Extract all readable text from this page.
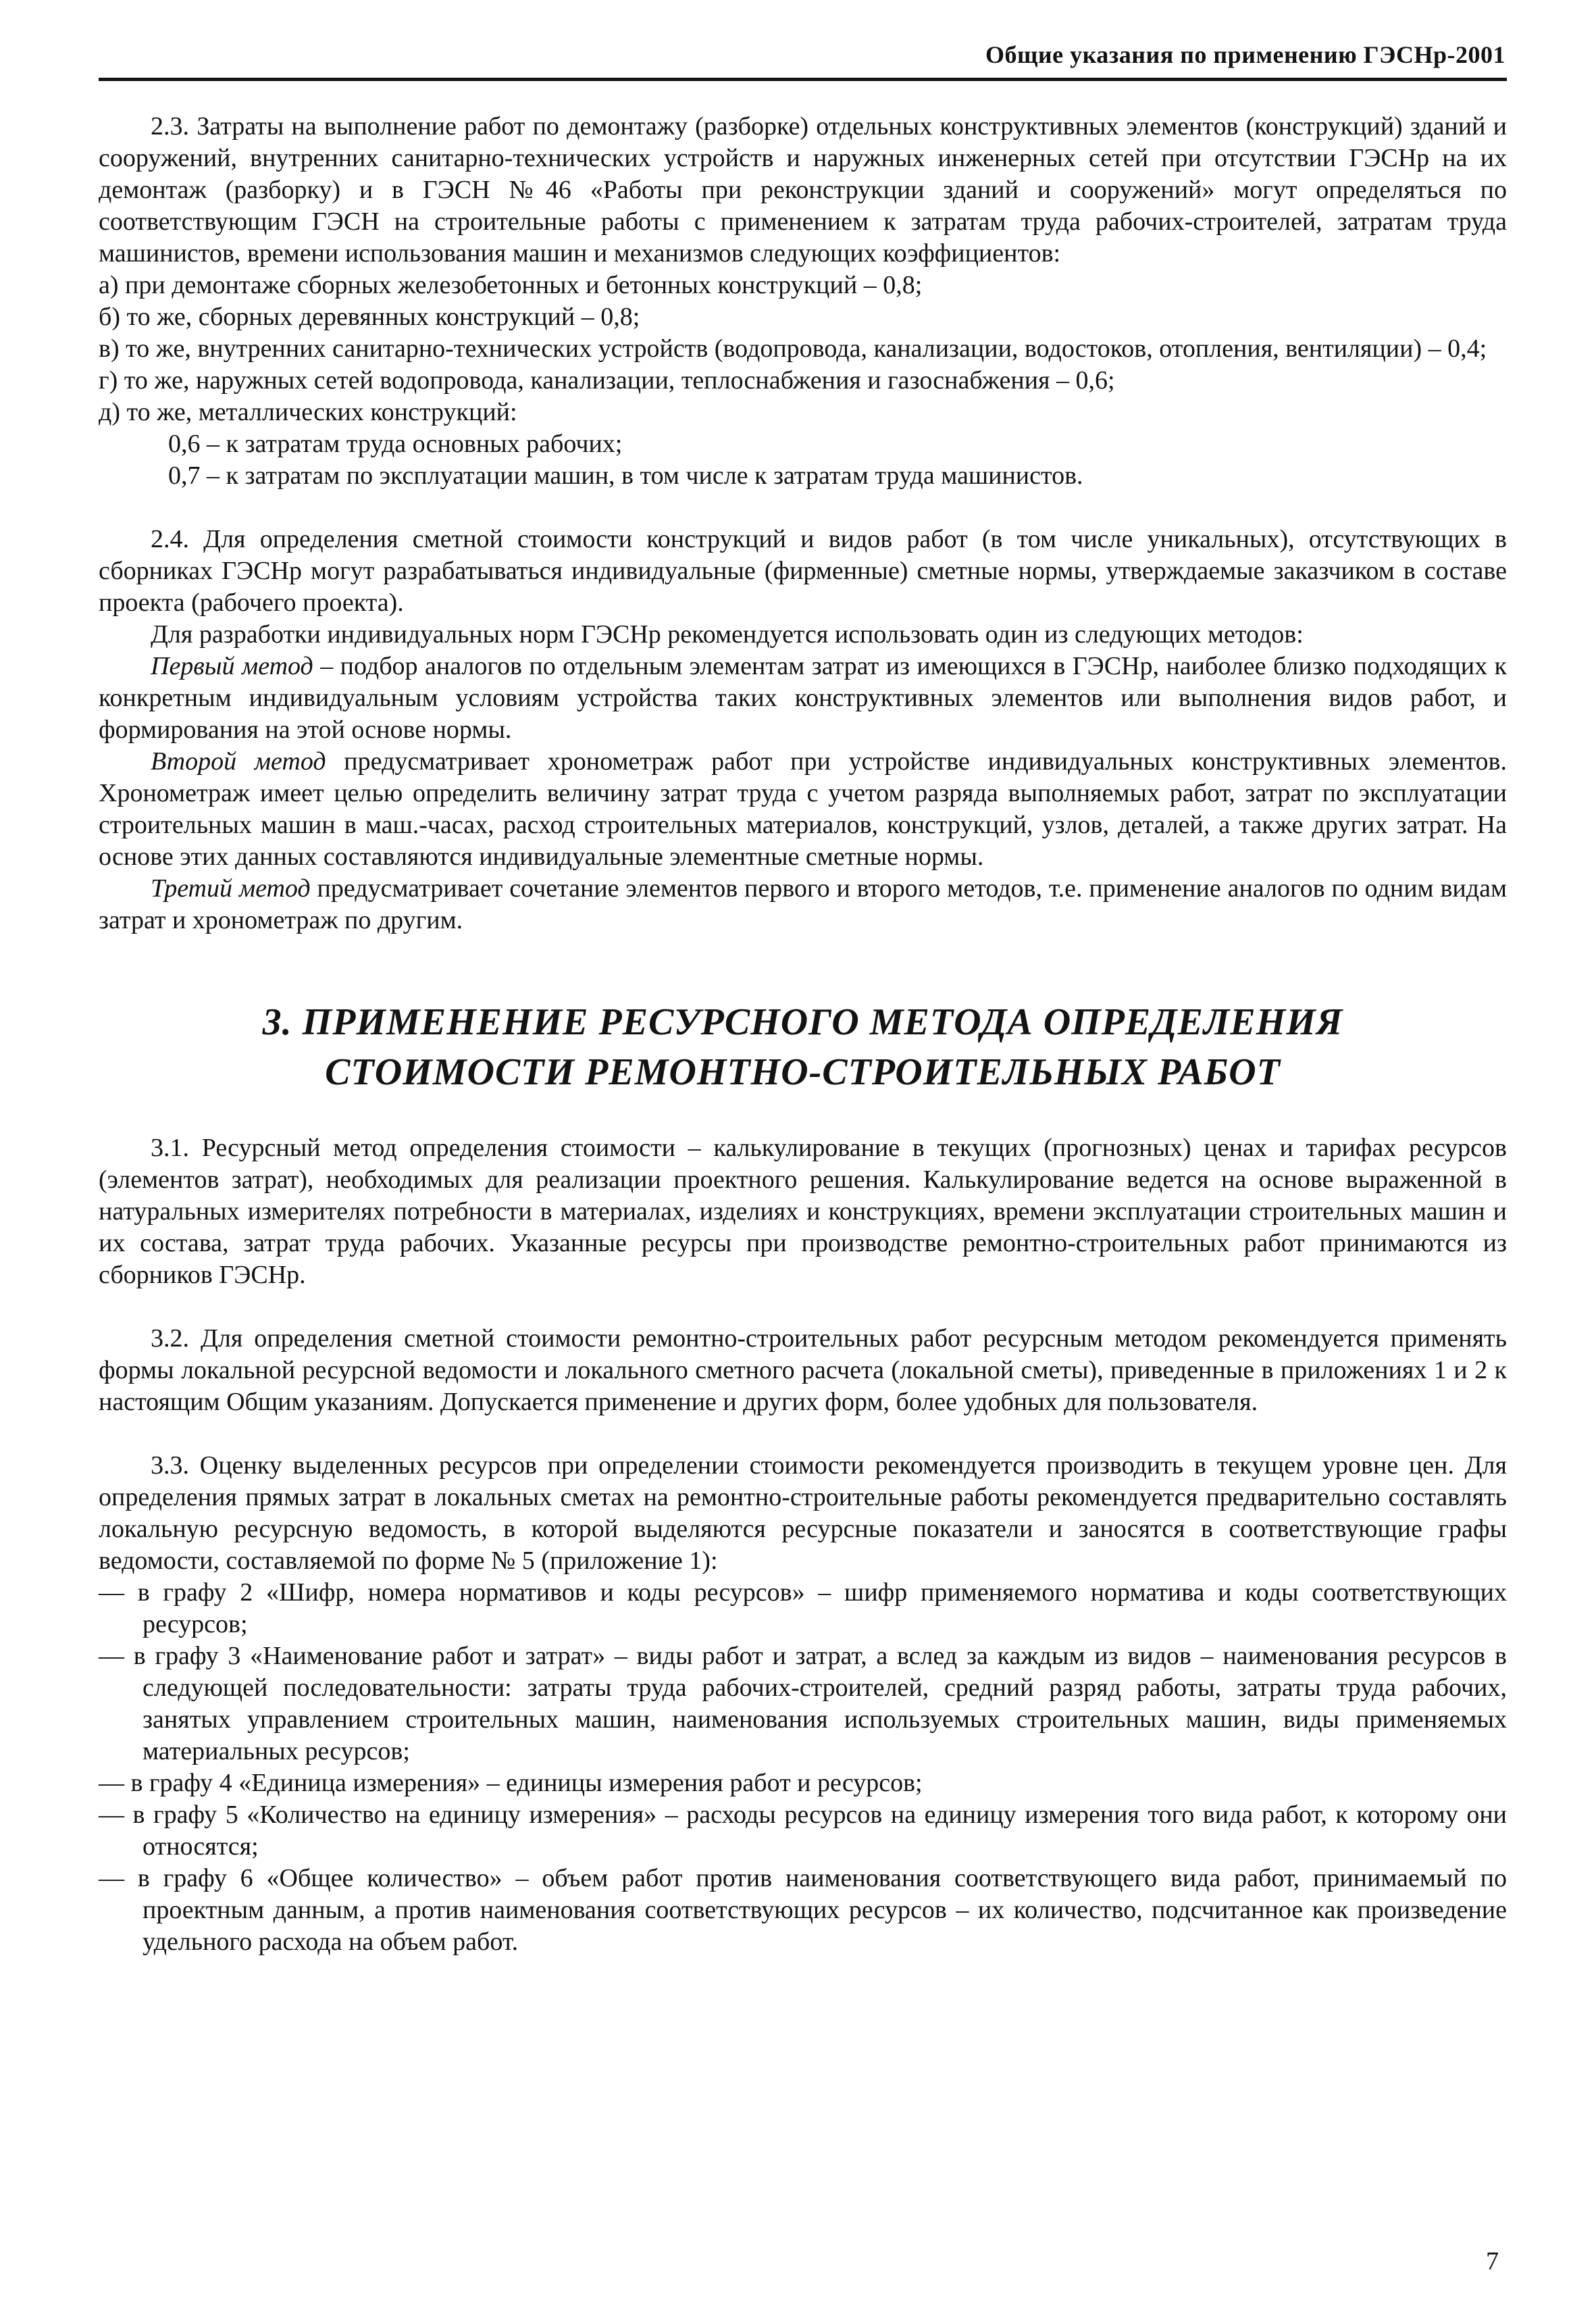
Общие указания по применению ГЭСНр-2001

2.3. Затраты на выполнение работ по демонтажу (разборке) отдельных конструктивных элементов (конструкций) зданий и сооружений, внутренних санитарно-технических устройств и наружных инженерных сетей при отсутствии ГЭСНр на их демонтаж (разборку) и в ГЭСН №46 «Работы при реконструкции зданий и сооружений» могут определяться по соответствующим ГЭСН на строительные работы с применением к затратам труда рабочих-строителей, затратам труда машинистов, времени использования машин и механизмов следующих коэффициентов:

а) при демонтаже сборных железобетонных и бетонных конструкций – 0,8;

б) то же, сборных деревянных конструкций – 0,8;

в) то же, внутренних санитарно-технических устройств (водопровода, канализации, водостоков, отопления, вентиляции) – 0,4;

г) то же, наружных сетей водопровода, канализации, теплоснабжения и газоснабжения – 0,6;

д) то же, металлических конструкций:

0,6 – к затратам труда основных рабочих;

0,7 – к затратам по эксплуатации машин, в том числе к затратам труда машинистов.

2.4. Для определения сметной стоимости конструкций и видов работ (в том числе уникальных), отсутствующих в сборниках ГЭСНр могут разрабатываться индивидуальные (фирменные) сметные нормы, утверждаемые заказчиком в составе проекта (рабочего проекта).

Для разработки индивидуальных норм ГЭСНр рекомендуется использовать один из следующих методов:

Первый метод – подбор аналогов по отдельным элементам затрат из имеющихся в ГЭСНр, наиболее близко подходящих к конкретным индивидуальным условиям устройства таких конструктивных элементов или выполнения видов работ, и формирования на этой основе нормы.

Второй метод предусматривает хронометраж работ при устройстве индивидуальных конструктивных элементов. Хронометраж имеет целью определить величину затрат труда с учетом разряда выполняемых работ, затрат по эксплуатации строительных машин в маш.-часах, расход строительных материалов, конструкций, узлов, деталей, а также других затрат. На основе этих данных составляются индивидуальные элементные сметные нормы.

Третий метод предусматривает сочетание элементов первого и второго методов, т.е. применение аналогов по одним видам затрат и хронометраж по другим.

3. ПРИМЕНЕНИЕ РЕСУРСНОГО МЕТОДА ОПРЕДЕЛЕНИЯ
СТОИМОСТИ РЕМОНТНО-СТРОИТЕЛЬНЫХ РАБОТ

3.1. Ресурсный метод определения стоимости – калькулирование в текущих (прогнозных) ценах и тарифах ресурсов (элементов затрат), необходимых для реализации проектного решения. Калькулирование ведется на основе выраженной в натуральных измерителях потребности в материалах, изделиях и конструкциях, времени эксплуатации строительных машин и их состава, затрат труда рабочих. Указанные ресурсы при производстве ремонтно-строительных работ принимаются из сборников ГЭСНр.

3.2. Для определения сметной стоимости ремонтно-строительных работ ресурсным методом рекомендуется применять формы локальной ресурсной ведомости и локального сметного расчета (локальной сметы), приведенные в приложениях 1 и 2 к настоящим Общим указаниям. Допускается применение и других форм, более удобных для пользователя.

3.3. Оценку выделенных ресурсов при определении стоимости рекомендуется производить в текущем уровне цен. Для определения прямых затрат в локальных сметах на ремонтно-строительные работы рекомендуется предварительно составлять локальную ресурсную ведомость, в которой выделяются ресурсные показатели и заносятся в соответствующие графы ведомости, составляемой по форме № 5 (приложение 1):

— в графу 2 «Шифр, номера нормативов и коды ресурсов» – шифр применяемого норматива и коды соответствующих ресурсов;

— в графу 3 «Наименование работ и затрат» – виды работ и затрат, а вслед за каждым из видов – наименования ресурсов в следующей последовательности: затраты труда рабочих-строителей, средний разряд работы, затраты труда рабочих, занятых управлением строительных машин, наименования используемых строительных машин, виды применяемых материальных ресурсов;

— в графу 4 «Единица измерения» – единицы измерения работ и ресурсов;

— в графу 5 «Количество на единицу измерения» – расходы ресурсов на единицу измерения того вида работ, к которому они относятся;

— в графу 6 «Общее количество» – объем работ против наименования соответствующего вида работ, принимаемый по проектным данным, а против наименования соответствующих ресурсов – их количество, подсчитанное как произведение удельного расхода на объем работ.

7
